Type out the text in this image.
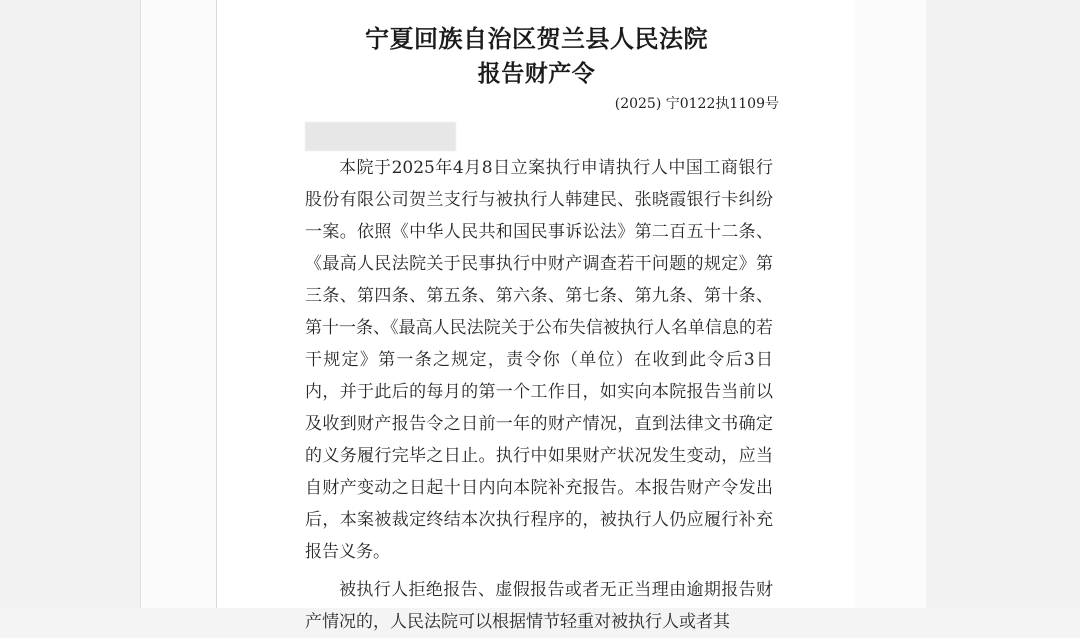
宁夏回族自治区贺兰县人民法院
报告财产令
(2025) 宁0122执1109号

本院于2025年4月8日立案执行申请执行人中国工商银行股份有限公司贺兰支行与被执行人韩建民、张晓霞银行卡纠纷一案。依照《中华人民共和国民事诉讼法》第二百五十二条、《最高人民法院关于民事执行中财产调查若干问题的规定》第三条、第四条、第五条、第六条、第七条、第九条、第十条、第十一条、《最高人民法院关于公布失信被执行人名单信息的若干规定》第一条之规定，责令你（单位）在收到此令后3日内，并于此后的每月的第一个工作日，如实向本院报告当前以及收到财产报告令之日前一年的财产情况，直到法律文书确定的义务履行完毕之日止。执行中如果财产状况发生变动，应当自财产变动之日起十日内向本院补充报告。本报告财产令发出后，本案被裁定终结本次执行程序的，被执行人仍应履行补充报告义务。

被执行人拒绝报告、虚假报告或者无正当理由逾期报告财产情况的，人民法院可以根据情节轻重对被执行人或者其
